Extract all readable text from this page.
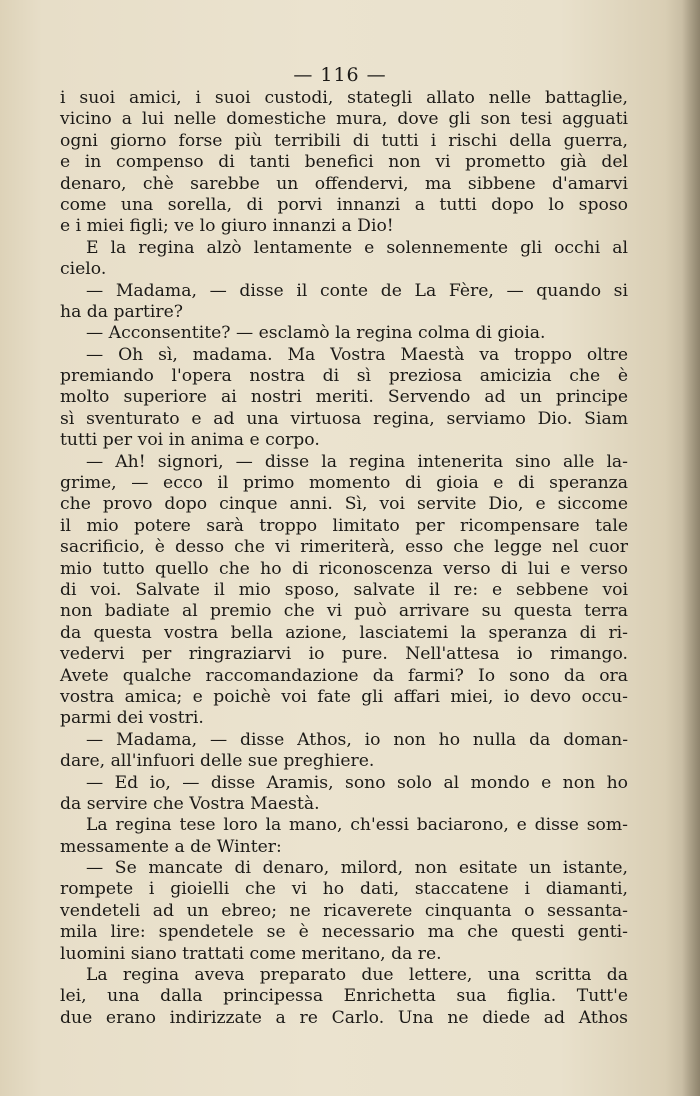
— 116 —
i suoi amici, i suoi custodi, stategli allato nelle battaglie,
vicino a lui nelle domestiche mura, dove gli son tesi agguati
ogni giorno forse più terribili di tutti i rischi della guerra,
e in compenso di tanti benefici non vi prometto già del
denaro, chè sarebbe un offendervi, ma sibbene d'amarvi
come una sorella, di porvi innanzi a tutti dopo lo sposo
e i miei figli; ve lo giuro innanzi a Dio!
E la regina alzò lentamente e solennemente gli occhi al
cielo.
— Madama, — disse il conte de La Fère, — quando si
ha da partire?
— Acconsentite? — esclamò la regina colma di gioia.
— Oh sì, madama. Ma Vostra Maestà va troppo oltre
premiando l'opera nostra di sì preziosa amicizia che è
molto superiore ai nostri meriti. Servendo ad un principe
sì sventurato e ad una virtuosa regina, serviamo Dio. Siam
tutti per voi in anima e corpo.
— Ah! signori, — disse la regina intenerita sino alle la-
grime, — ecco il primo momento di gioia e di speranza
che provo dopo cinque anni. Sì, voi servite Dio, e siccome
il mio potere sarà troppo limitato per ricompensare tale
sacrificio, è desso che vi rimeriterà, esso che legge nel cuor
mio tutto quello che ho di riconoscenza verso di lui e verso
di voi. Salvate il mio sposo, salvate il re: e sebbene voi
non badiate al premio che vi può arrivare su questa terra
da questa vostra bella azione, lasciatemi la speranza di ri-
vedervi per ringraziarvi io pure. Nell'attesa io rimango.
Avete qualche raccomandazione da farmi? Io sono da ora
vostra amica; e poichè voi fate gli affari miei, io devo occu-
parmi dei vostri.
— Madama, — disse Athos, io non ho nulla da doman-
dare, all'infuori delle sue preghiere.
— Ed io, — disse Aramis, sono solo al mondo e non ho
da servire che Vostra Maestà.
La regina tese loro la mano, ch'essi baciarono, e disse som-
messamente a de Winter:
— Se mancate di denaro, milord, non esitate un istante,
rompete i gioielli che vi ho dati, staccatene i diamanti,
vendeteli ad un ebreo; ne ricaverete cinquanta o sessanta-
mila lire: spendetele se è necessario ma che questi genti-
luomini siano trattati come meritano, da re.
La regina aveva preparato due lettere, una scritta da
lei, una dalla principessa Enrichetta sua figlia. Tutt'e
due erano indirizzate a re Carlo. Una ne diede ad Athos
